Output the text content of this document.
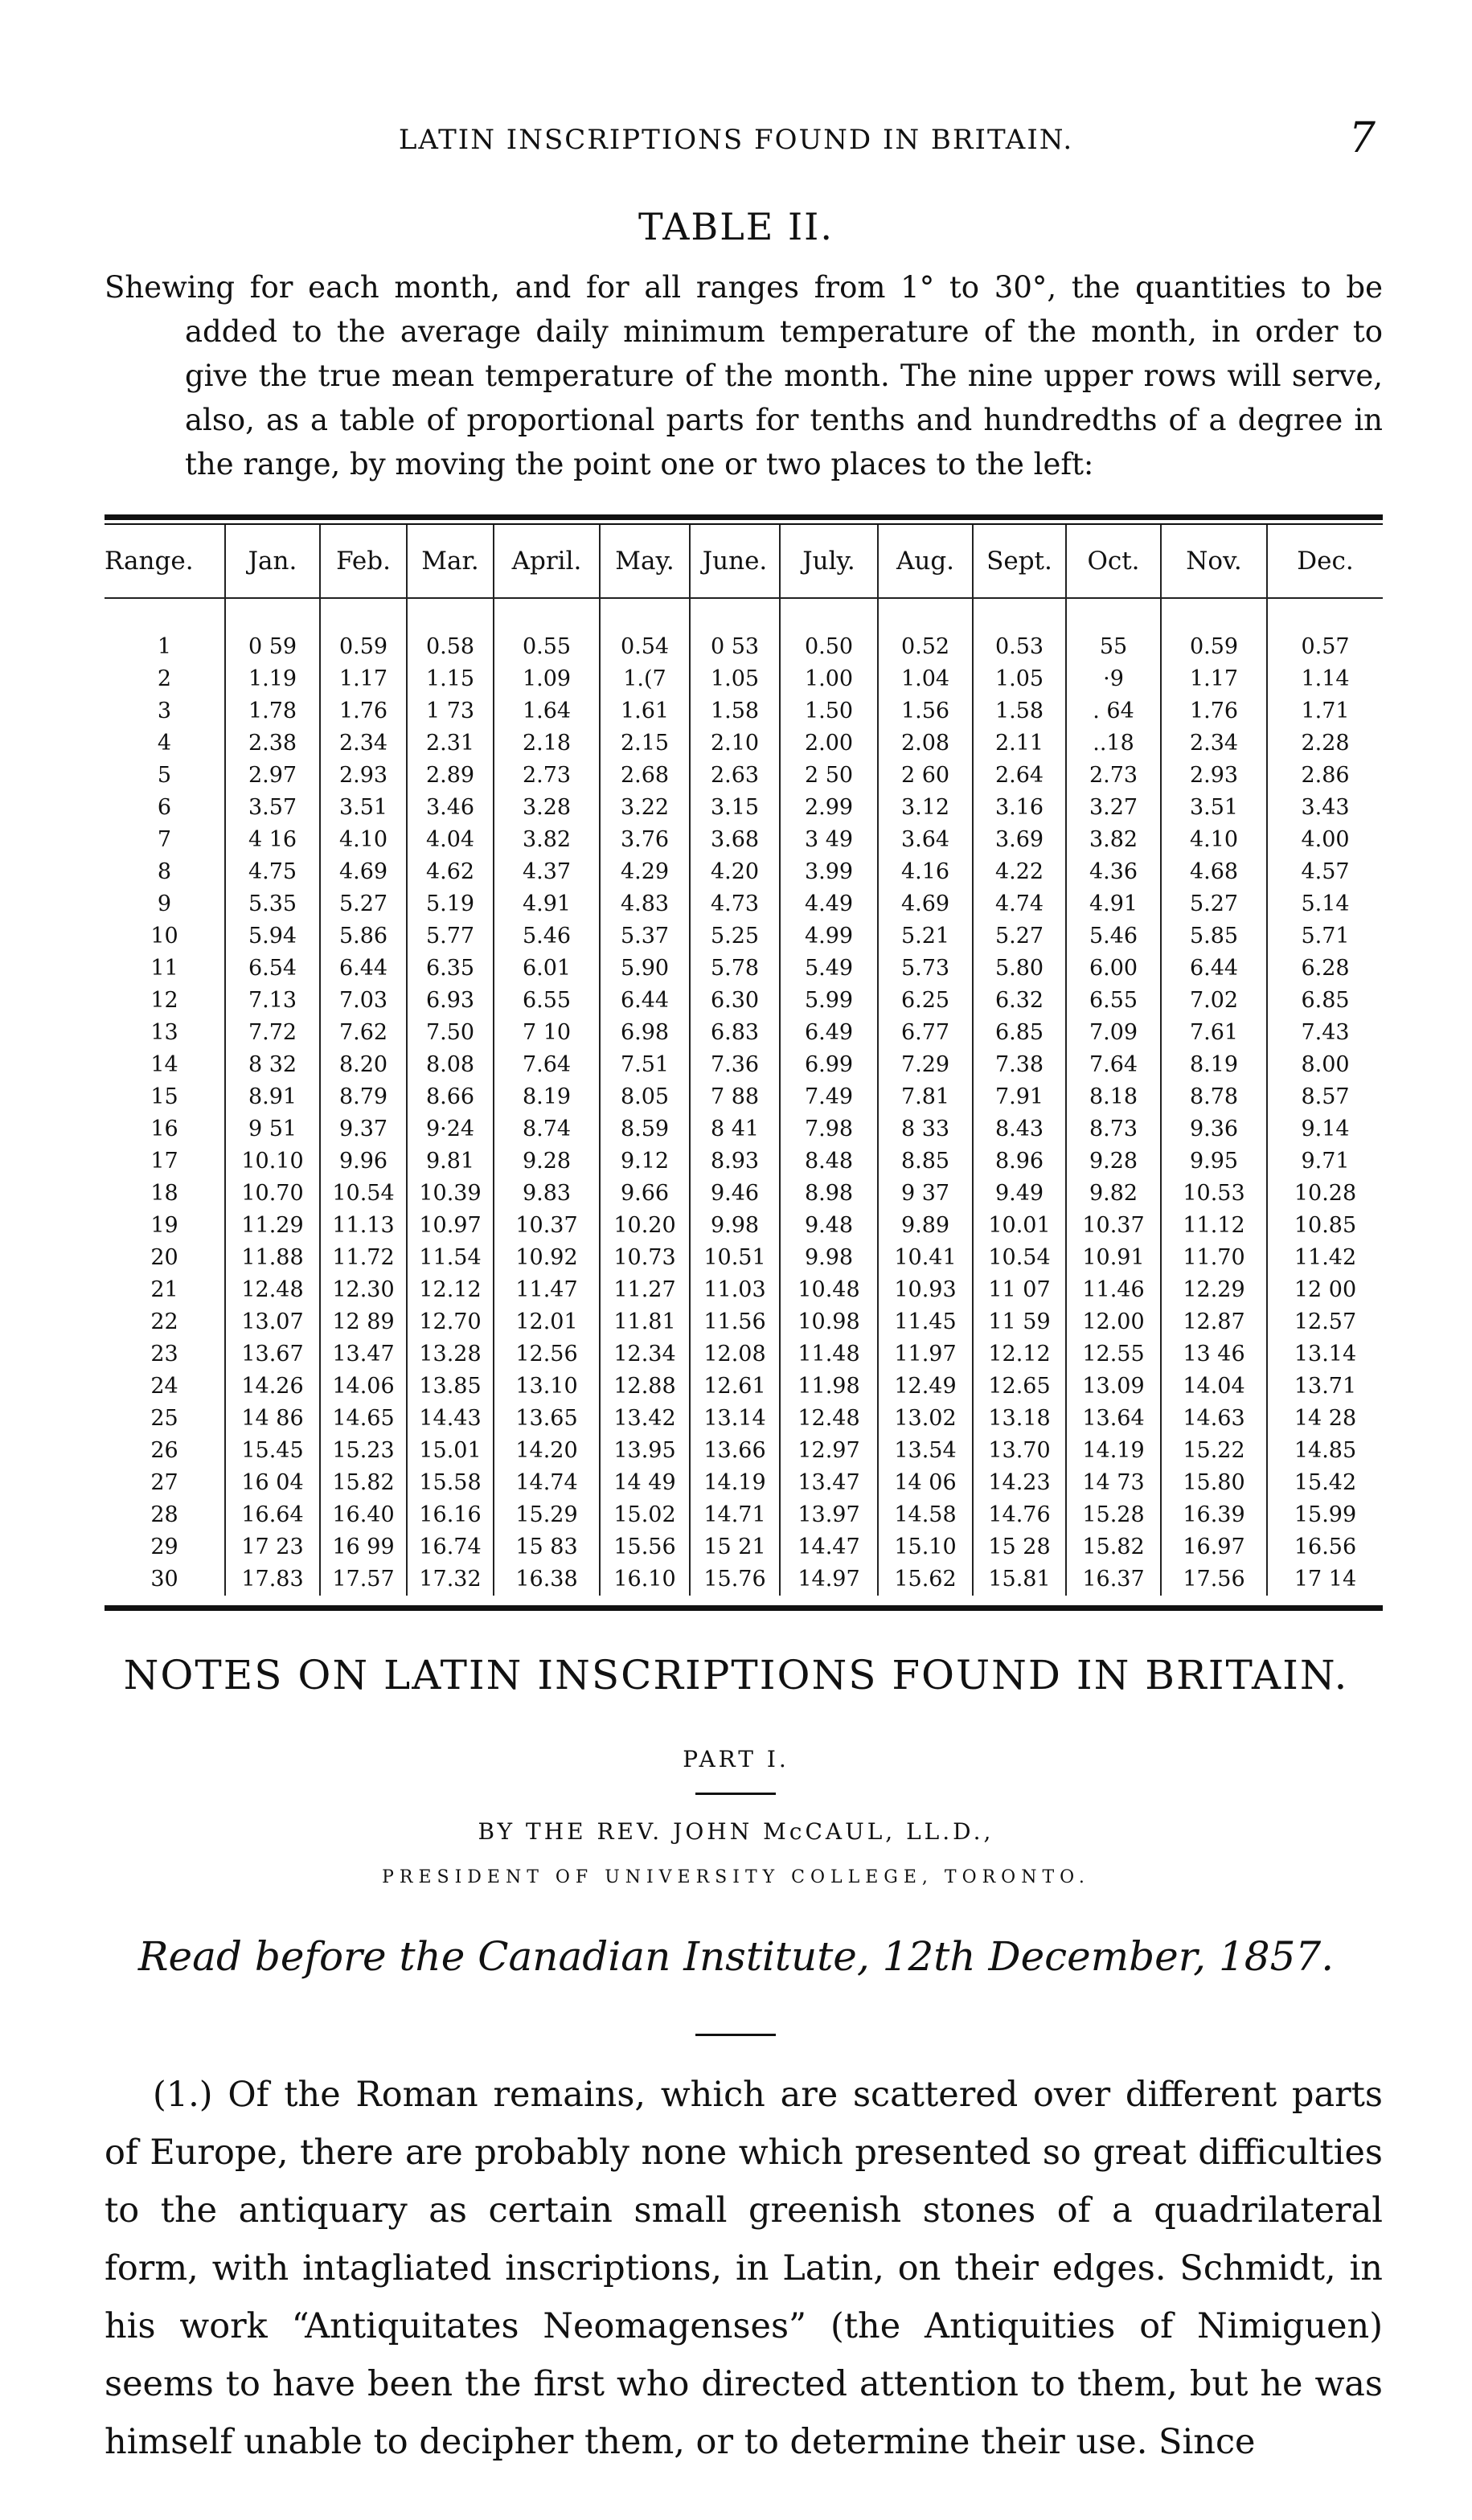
LATIN INSCRIPTIONS FOUND IN BRITAIN.	7
TABLE II.

Shewing for each month, and for all ranges from 1° to 30°, the quantities to be added to the average daily minimum temperature of the month, in order to give the true mean temperature of the month. The nine upper rows will serve, also, as a table of proportional parts for tenths and hundredths of a degree in the range, by moving the point one or two places to the left:

Range.	Jan.	Feb.	Mar.	April.	May.	June.	July.	Aug.	Sept.	Oct.	Nov.	Dec.
1	0 59	0.59	0.58	0.55	0.54	0 53	0.50	0.52	0.53	55	0.59	0.57
2	1.19	1.17	1.15	1.09	1.(7	1.05	1.00	1.04	1.05	·9	1.17	1.14
3	1.78	1.76	1 73	1.64	1.61	1.58	1.50	1.56	1.58	. 64	1.76	1.71
4	2.38	2.34	2.31	2.18	2.15	2.10	2.00	2.08	2.11	..18	2.34	2.28
5	2.97	2.93	2.89	2.73	2.68	2.63	2 50	2 60	2.64	2.73	2.93	2.86
6	3.57	3.51	3.46	3.28	3.22	3.15	2.99	3.12	3.16	3.27	3.51	3.43
7	4 16	4.10	4.04	3.82	3.76	3.68	3 49	3.64	3.69	3.82	4.10	4.00
8	4.75	4.69	4.62	4.37	4.29	4.20	3.99	4.16	4.22	4.36	4.68	4.57
9	5.35	5.27	5.19	4.91	4.83	4.73	4.49	4.69	4.74	4.91	5.27	5.14
10	5.94	5.86	5.77	5.46	5.37	5.25	4.99	5.21	5.27	5.46	5.85	5.71
11	6.54	6.44	6.35	6.01	5.90	5.78	5.49	5.73	5.80	6.00	6.44	6.28
12	7.13	7.03	6.93	6.55	6.44	6.30	5.99	6.25	6.32	6.55	7.02	6.85
13	7.72	7.62	7.50	7 10	6.98	6.83	6.49	6.77	6.85	7.09	7.61	7.43
14	8 32	8.20	8.08	7.64	7.51	7.36	6.99	7.29	7.38	7.64	8.19	8.00
15	8.91	8.79	8.66	8.19	8.05	7 88	7.49	7.81	7.91	8.18	8.78	8.57
16	9 51	9.37	9·24	8.74	8.59	8 41	7.98	8 33	8.43	8.73	9.36	9.14
17	10.10	9.96	9.81	9.28	9.12	8.93	8.48	8.85	8.96	9.28	9.95	9.71
18	10.70	10.54	10.39	9.83	9.66	9.46	8.98	9 37	9.49	9.82	10.53	10.28
19	11.29	11.13	10.97	10.37	10.20	9.98	9.48	9.89	10.01	10.37	11.12	10.85
20	11.88	11.72	11.54	10.92	10.73	10.51	9.98	10.41	10.54	10.91	11.70	11.42
21	12.48	12.30	12.12	11.47	11.27	11.03	10.48	10.93	11 07	11.46	12.29	12 00
22	13.07	12 89	12.70	12.01	11.81	11.56	10.98	11.45	11 59	12.00	12.87	12.57
23	13.67	13.47	13.28	12.56	12.34	12.08	11.48	11.97	12.12	12.55	13 46	13.14
24	14.26	14.06	13.85	13.10	12.88	12.61	11.98	12.49	12.65	13.09	14.04	13.71
25	14 86	14.65	14.43	13.65	13.42	13.14	12.48	13.02	13.18	13.64	14.63	14 28
26	15.45	15.23	15.01	14.20	13.95	13.66	12.97	13.54	13.70	14.19	15.22	14.85
27	16 04	15.82	15.58	14.74	14 49	14.19	13.47	14 06	14.23	14 73	15.80	15.42
28	16.64	16.40	16.16	15.29	15.02	14.71	13.97	14.58	14.76	15.28	16.39	15.99
29	17 23	16 99	16.74	15 83	15.56	15 21	14.47	15.10	15 28	15.82	16.97	16.56
30	17.83	17.57	17.32	16.38	16.10	15.76	14.97	15.62	15.81	16.37	17.56	17 14
NOTES ON LATIN INSCRIPTIONS FOUND IN BRITAIN.
PART I.
BY THE REV. JOHN McCAUL, LL.D.,
PRESIDENT OF UNIVERSITY COLLEGE, TORONTO.
Read before the Canadian Institute, 12th December, 1857.

(1.) Of the Roman remains, which are scattered over different parts of Europe, there are probably none which presented so great difficulties to the antiquary as certain small greenish stones of a quadrilateral form, with intagliated inscriptions, in Latin, on their edges. Schmidt, in his work “Antiquitates Neomagenses” (the Antiquities of Nimiguen) seems to have been the first who directed attention to them, but he was himself unable to decipher them, or to determine their use. Since
